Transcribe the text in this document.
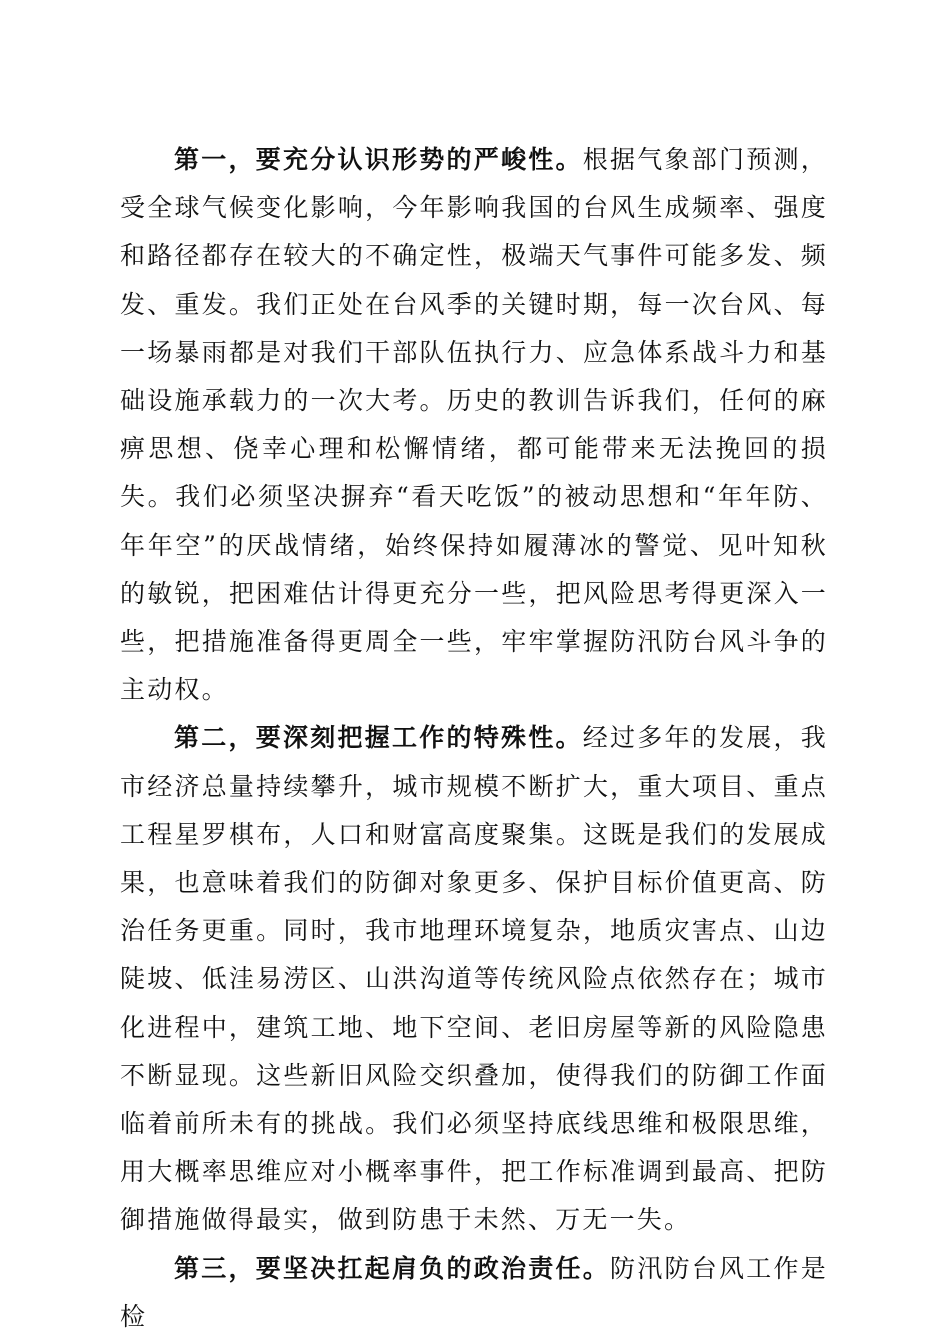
第一，要充分认识形势的严峻性。根据气象部门预测，受全球气候变化影响，今年影响我国的台风生成频率、强度和路径都存在较大的不确定性，极端天气事件可能多发、频发、重发。我们正处在台风季的关键时期，每一次台风、每一场暴雨都是对我们干部队伍执行力、应急体系战斗力和基础设施承载力的一次大考。历史的教训告诉我们，任何的麻痹思想、侥幸心理和松懈情绪，都可能带来无法挽回的损失。我们必须坚决摒弃“看天吃饭”的被动思想和“年年防、年年空”的厌战情绪，始终保持如履薄冰的警觉、见叶知秋的敏锐，把困难估计得更充分一些，把风险思考得更深入一些，把措施准备得更周全一些，牢牢掌握防汛防台风斗争的主动权。

第二，要深刻把握工作的特殊性。经过多年的发展，我市经济总量持续攀升，城市规模不断扩大，重大项目、重点工程星罗棋布，人口和财富高度聚集。这既是我们的发展成果，也意味着我们的防御对象更多、保护目标价值更高、防治任务更重。同时，我市地理环境复杂，地质灾害点、山边陡坡、低洼易涝区、山洪沟道等传统风险点依然存在；城市化进程中，建筑工地、地下空间、老旧房屋等新的风险隐患不断显现。这些新旧风险交织叠加，使得我们的防御工作面临着前所未有的挑战。我们必须坚持底线思维和极限思维，用大概率思维应对小概率事件，把工作标准调到最高、把防御措施做得最实，做到防患于未然、万无一失。

第三，要坚决扛起肩负的政治责任。防汛防台风工作是检
